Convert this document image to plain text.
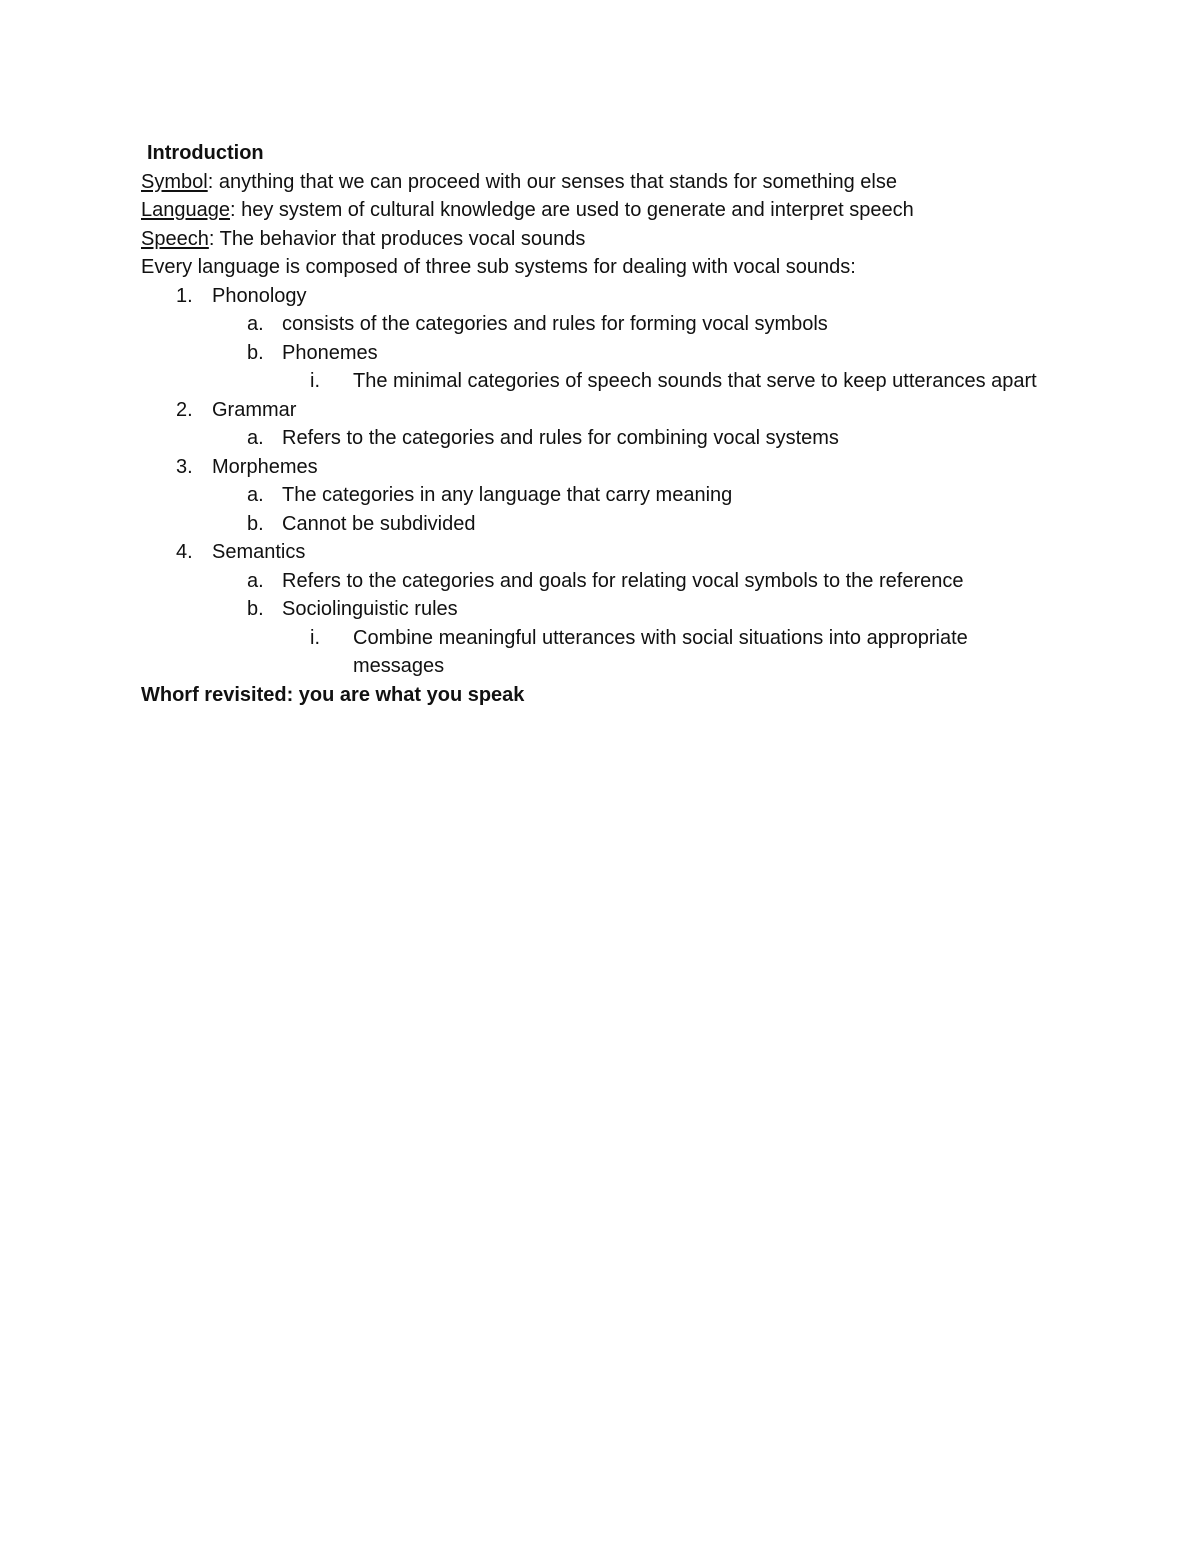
Introduction
Symbol: anything that we can proceed with our senses that stands for something else
Language: hey system of cultural knowledge are used to generate and interpret speech
Speech: The behavior that produces vocal sounds
Every language is composed of three sub systems for dealing with vocal sounds:
1. Phonology
a. consists of the categories and rules for forming vocal symbols
b. Phonemes
i. The minimal categories of speech sounds that serve to keep utterances apart
2. Grammar
a. Refers to the categories and rules for combining vocal systems
3. Morphemes
a. The categories in any language that carry meaning
b. Cannot be subdivided
4. Semantics
a. Refers to the categories and goals for relating vocal symbols to the reference
b. Sociolinguistic rules
i. Combine meaningful utterances with social situations into appropriate messages
Whorf revisited: you are what you speak
